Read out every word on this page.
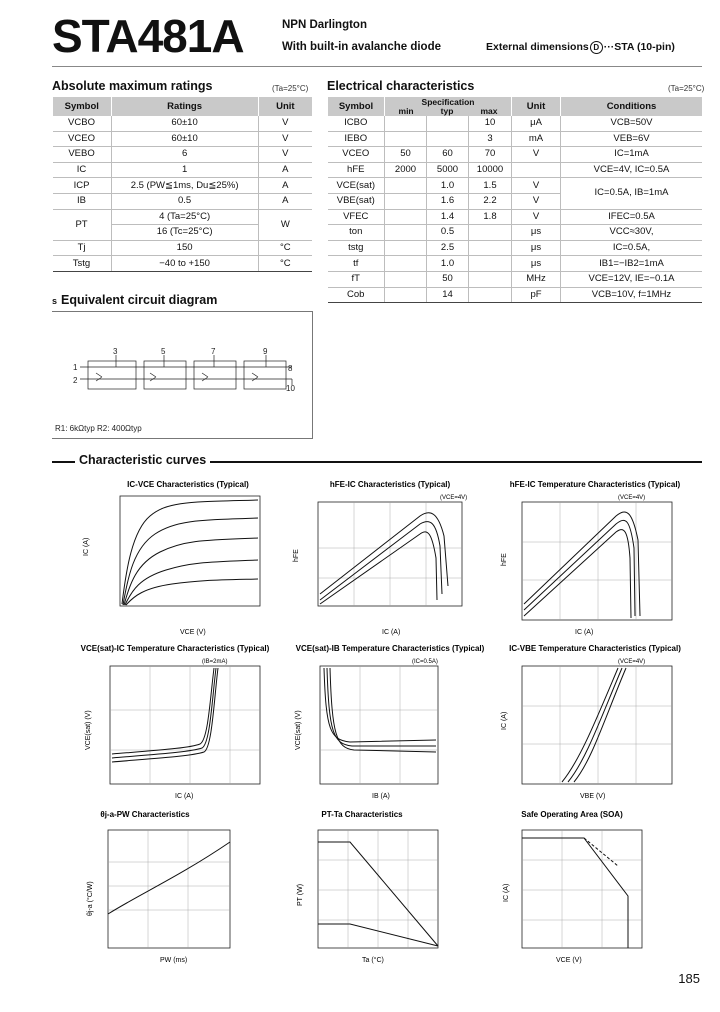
STA481A	NPN Darlington
With built-in avalanche diode	External dimensions D ···STA (10-pin)
Absolute maximum ratings	(Ta=25°C)
Symbol	Ratings	Unit
VCBO	60±10	V
VCEO	60±10	V
VEBO	6	V
IC	1	A
ICP	2.5 (PW≦1ms, Du≦25%)	A
IB	0.5	A
PT	4 (Ta=25°C)	W
	16 (Tc=25°C)	
Tj	150	°C
Tstg	−40 to +150	°C
Electrical characteristics	(Ta=25°C)
Symbol	Specification
min typ max			Unit	Conditions
ICBO			10	μA	VCB=50V
IEBO			3	mA	VEB=6V
VCEO	50	60	70	V	IC=1mA
hFE	2000	5000	10000		VCE=4V, IC=0.5A
VCE(sat)		1.0	1.5	V	IC=0.5A, IB=1mA
VBE(sat)		1.6	2.2	V	
VFEC		1.4	1.8	V	IFEC=0.5A
ton		0.5		μs	VCC≈30V,
tstg		2.5		μs	IC=0.5A,
tf		1.0		μs	IB1=−IB2=1mA
fT		50		MHz	VCE=12V, IE=−0.1A
Cob		14		pF	VCB=10V, f=1MHz
s Equivalent circuit diagram
3	5	7	9
1
2
8
10
R1: 6kΩtyp R2: 400Ωtyp
Characteristic curves
IC-VCE Characteristics (Typical)
VCE (V)
IC (A)
hFE-IC Characteristics (Typical)
(VCE=4V)
IC (A)
hFE
hFE-IC Temperature Characteristics (Typical)
(VCE=4V)
IC (A)
hFE
VCE(sat)-IC Temperature Characteristics (Typical)
(IB=2mA)
IC (A)
VCE(sat) (V)
VCE(sat)-IB Temperature Characteristics (Typical)
(IC=0.5A)
IB (A)
VCE(sat) (V)
IC-VBE Temperature Characteristics (Typical)
(VCE=4V)
VBE (V)
IC (A)
θj-a-PW Characteristics
PW (ms)
θj-a (°C/W)
PT-Ta Characteristics
Ta (°C)
PT (W)
Safe Operating Area (SOA)
VCE (V)
IC (A)
185
